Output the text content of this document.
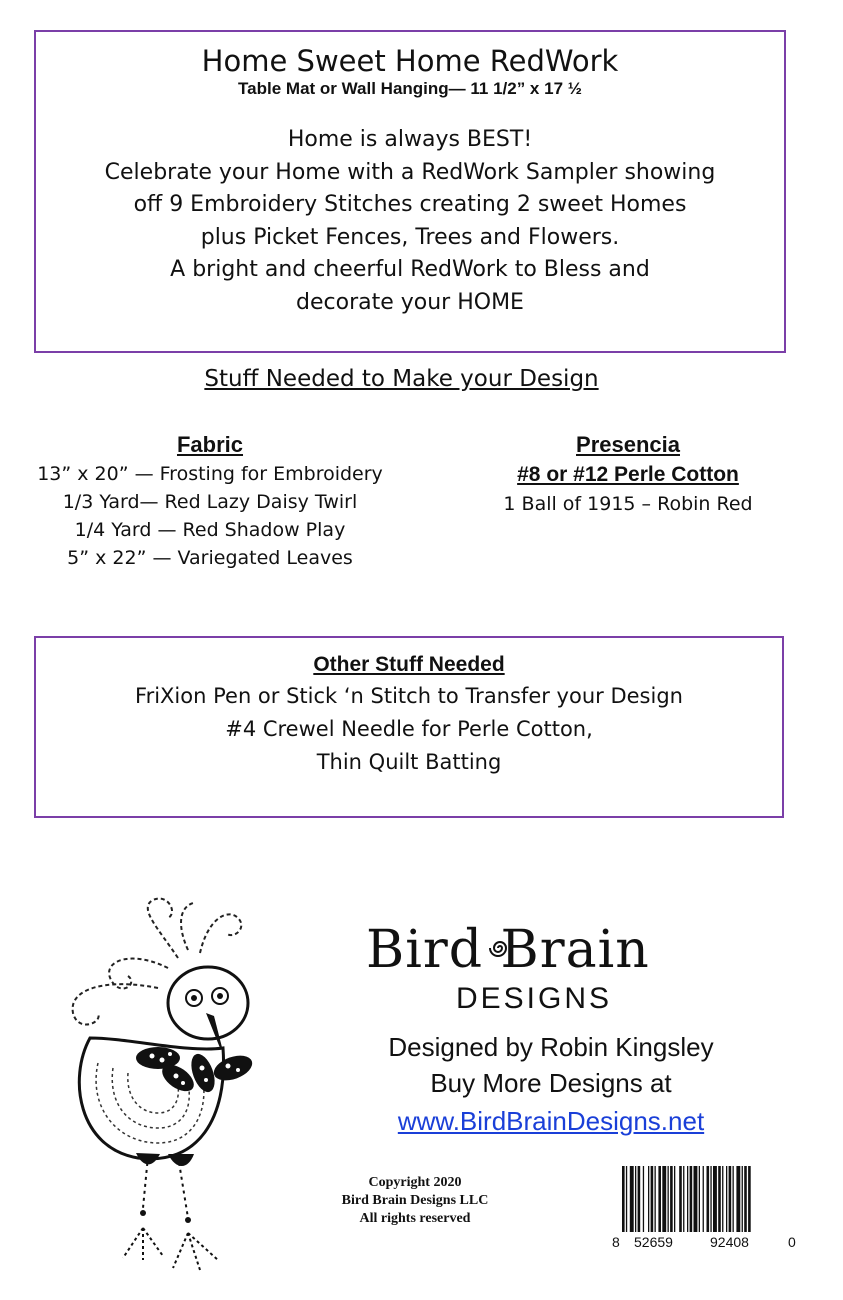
Home Sweet Home RedWork
Table Mat or Wall Hanging— 11 1/2” x 17 ½
Home is always BEST!
Celebrate your Home with a RedWork Sampler showing
off 9 Embroidery Stitches creating 2 sweet Homes
plus Picket Fences, Trees and Flowers.
A bright and cheerful RedWork to Bless and
decorate your HOME
Stuff Needed to Make your Design
Fabric
13” x 20” — Frosting for Embroidery
1/3 Yard— Red Lazy Daisy Twirl
1/4 Yard — Red Shadow Play
5” x 22” — Variegated Leaves
Presencia
#8 or #12 Perle Cotton
1 Ball of 1915 – Robin Red
Other Stuff Needed
FriXion Pen or Stick ‘n Stitch to Transfer your Design
#4 Crewel Needle for Perle Cotton,
Thin Quilt Batting
Bird Brain
DESIGNS
Designed by Robin Kingsley
Buy More Designs at
www.BirdBrainDesigns.net
Copyright 2020
Bird Brain Designs LLC
All rights reserved
8 52659	92408	0
